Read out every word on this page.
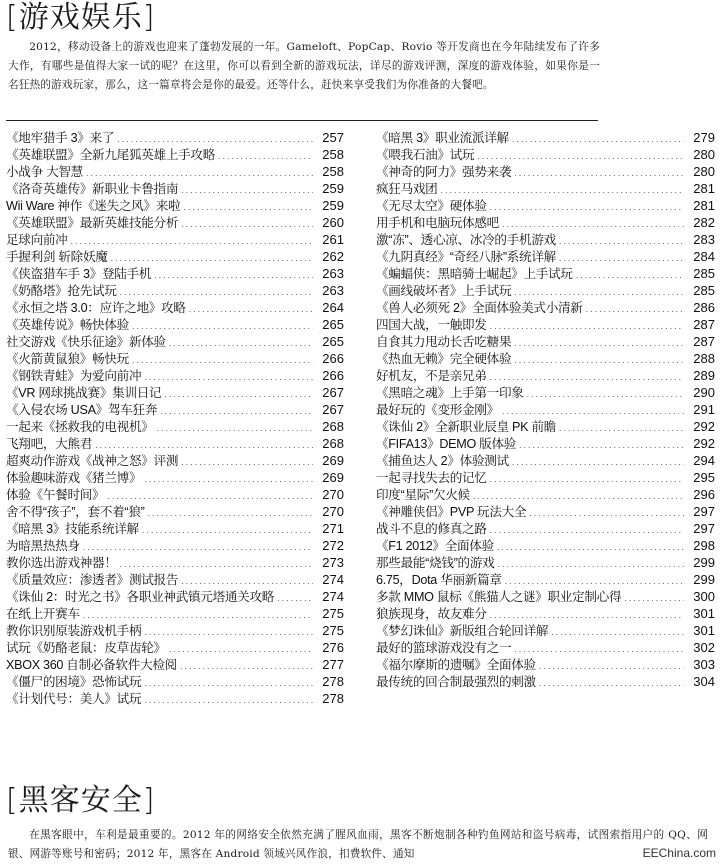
[游戏娱乐]

2012，移动设备上的游戏也迎来了蓬勃发展的一年。Gameloft、PopCap、Rovio 等开发商也在今年陆续发布了许多大作，有哪些是值得大家一试的呢？在这里，你可以看到全新的游戏玩法，详尽的游戏评测，深度的游戏体验，如果你是一名狂热的游戏玩家，那么，这一篇章将会是你的最爱。还等什么，赶快来享受我们为你准备的大餐吧。

《地牢猎手 3》来了 .....	257
《英雄联盟》全新九尾狐英雄上手攻略 .....	258
小战争 大智慧 .....	258
《洛奇英雄传》新职业卡鲁指南 .....	259
Wii Ware 神作《迷失之风》来啦 .....	259
《英雄联盟》最新英雄技能分析 .....	260
足球向前冲 .....	261
手握利剑 斩除妖魔 .....	262
《侠盗猎车手 3》登陆手机 .....	263
《奶酪塔》抢先试玩 .....	263
《永恒之塔 3.0：应许之地》攻略 .....	264
《英雄传说》畅快体验 .....	265
社交游戏《快乐征途》新体验 .....	265
《火箭黄鼠狼》畅快玩 .....	266
《钢铁青蛙》为爱向前冲 .....	266
《VR 网球挑战赛》集训日记 .....	267
《入侵农场 USA》驾车狂奔 .....	267
一起来《拯救我的电视机》 .....	268
飞翔吧，大熊君 .....	268
超爽动作游戏《战神之怒》评测 .....	269
体验趣味游戏《猪兰博》 .....	269
体验《午餐时间》 .....	270
舍不得“孩子”，套不着“狼” .....	270
《暗黑 3》技能系统详解 .....	271
为暗黑热热身 .....	272
教你选出游戏神器！ .....	273
《质量效应：渗透者》测试报告 .....	274
《诛仙 2：时光之书》各职业神武镇元塔通关攻略 .....	274
在纸上开赛车 .....	275
教你识别原装游戏机手柄 .....	275
试玩《奶酪老鼠：皮草齿轮》 .....	276
XBOX 360 自制必备软件大检阅 .....	277
《僵尸的困境》恐怖试玩 .....	278
《计划代号：美人》试玩 .....	278
《暗黑 3》职业流派详解 .....	279
《喂我石油》试玩 .....	280
《神奇的阿力》强势来袭 .....	280
疯狂马戏团 .....	281
《无尽太空》硬体验 .....	281
用手机和电脑玩体感吧 .....	282
激“冻”、透心凉、冰冷的手机游戏 .....	283
《九阴真经》“奇经八脉”系统详解 .....	284
《蝙蝠侠：黑暗骑士崛起》上手试玩 .....	285
《画线破坏者》上手试玩 .....	285
《兽人必须死 2》全面体验美式小清新 .....	286
四国大战，一触即发 .....	287
自食其力甩动长舌吃糖果 .....	287
《热血无赖》完全硬体验 .....	288
好机友，不是亲兄弟 .....	289
《黑暗之魂》上手第一印象 .....	290
最好玩的《变形金刚》 .....	291
《诛仙 2》全新职业辰皇 PK 前瞻 .....	292
《FIFA13》DEMO 版体验 .....	292
《捕鱼达人 2》体验测试 .....	294
一起寻找失去的记忆 .....	295
印度“星际”欠火候 .....	296
《神雕侠侣》PVP 玩法大全 .....	297
战斗不息的修真之路 .....	297
《F1 2012》全面体验 .....	298
那些最能“烧钱”的游戏 .....	299
6.75，Dota 华丽新篇章 .....	299
多款 MMO 鼠标《熊猫人之谜》职业定制心得 .....	300
狼族现身，故友难分 .....	301
《梦幻诛仙》新版组合轮回详解 .....	301
最好的篮球游戏没有之一 .....	302
《福尔摩斯的遗嘱》全面体验 .....	303
最传统的回合制最强烈的刺激 .....	304
[黑客安全]

在黑客眼中，车利是最重要的。2012 年的网络安全依然充满了腥风血雨，黑客不断炮制各种钓鱼网站和盗号病毒，试图索指用户的 QQ、网银、网游等账号和密码；2012 年，黑客在 Android 领域兴风作浪，扣费软件、通知	EEChina.com
